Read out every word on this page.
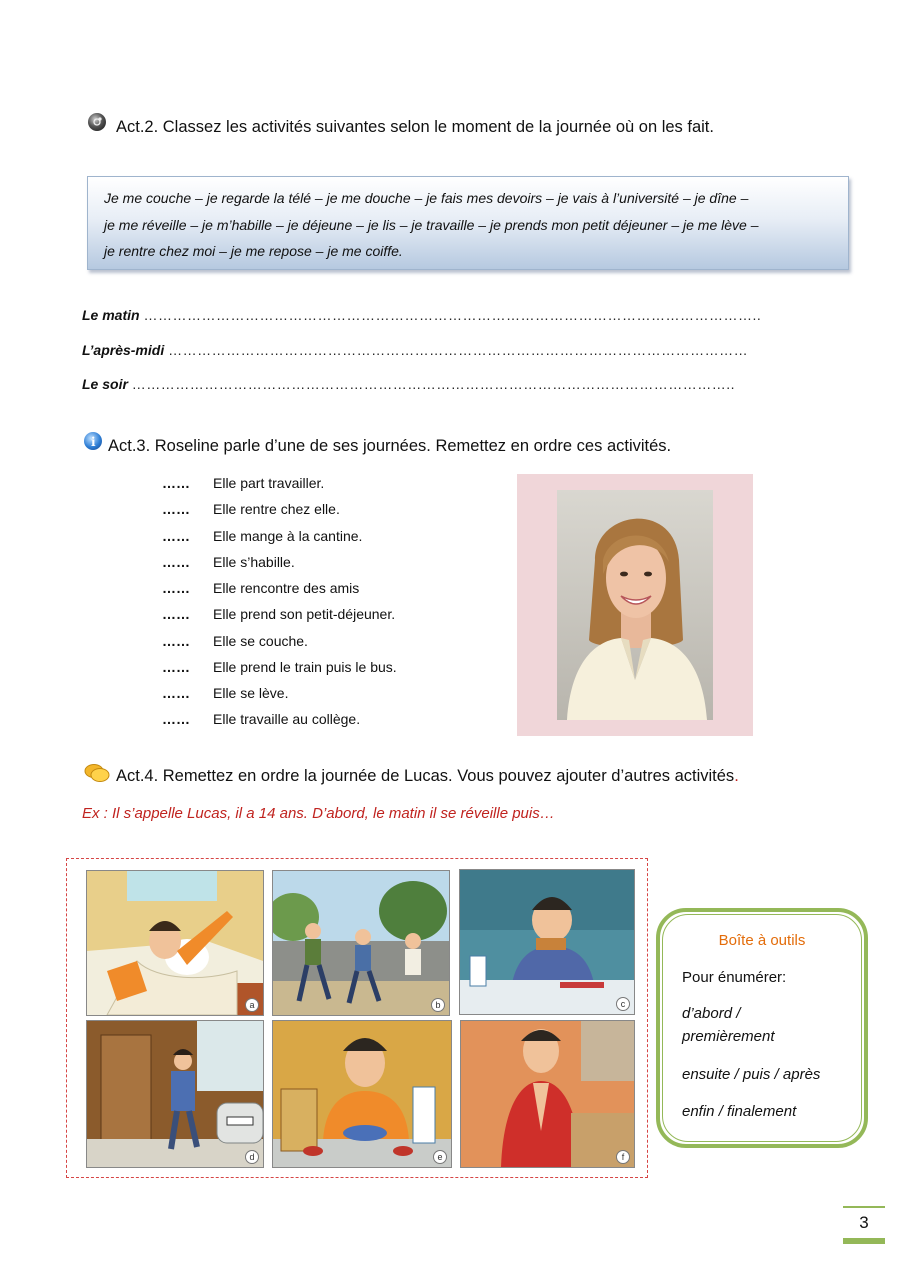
Act.2. Classez les activités suivantes selon le moment de la journée où on les fait.
Je me couche – je regarde la télé – je me douche – je fais mes devoirs – je vais à l’université – je dîne –
je me réveille – je m’habille – je déjeune – je lis – je travaille – je prends mon petit déjeuner – je me lève –
je rentre chez moi – je me repose – je me coiffe.
Le matin ………………………………………………………………………………………………………………..
L’après-midi …………………………………………………………………………………………………………
Le soir ……………………………………………………………………………………………………………..
i Act.3. Roseline parle d’une de ses journées. Remettez en ordre ces activités.
…… Elle part travailler.
…… Elle rentre chez elle.
…… Elle mange à la cantine.
…… Elle s’habille.
…… Elle rencontre des amis
…… Elle prend son petit-déjeuner.
…… Elle se couche.
…… Elle prend le train puis le bus.
…… Elle se lève.
…… Elle travaille au collège.
Act.4. Remettez en ordre la journée de Lucas. Vous pouvez ajouter d’autres activités.
Ex : Il s’appelle Lucas, il a 14 ans. D’abord, le matin il se réveille puis…
a	b	c
d	e	f
Boîte à outils
Pour énumérer:
d’abord /
premièrement
ensuite / puis / après
enfin / finalement
3
